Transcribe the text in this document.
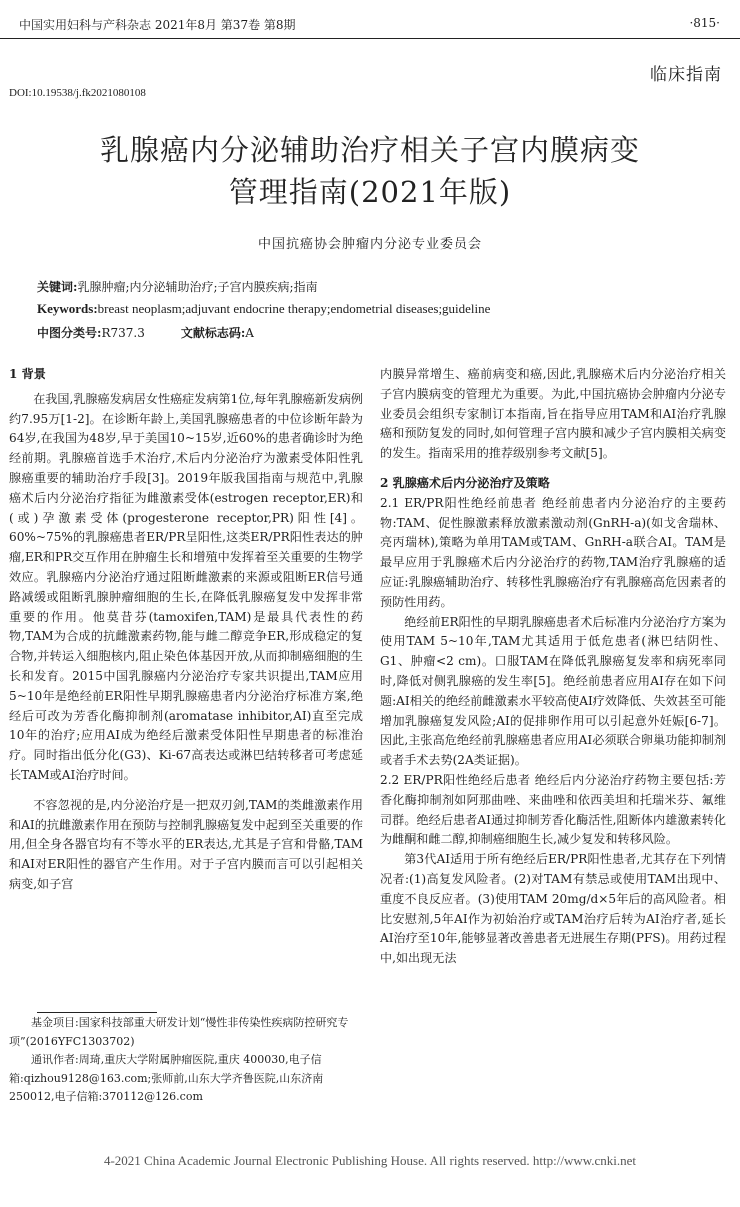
中国实用妇科与产科杂志 2021年8月 第37卷 第8期	·815·
临床指南
DOI:10.19538/j.fk2021080108
乳腺癌内分泌辅助治疗相关子宫内膜病变
管理指南(2021年版)
中国抗癌协会肿瘤内分泌专业委员会
关键词:乳腺肿瘤;内分泌辅助治疗;子宫内膜疾病;指南
Keywords:breast neoplasm;adjuvant endocrine therapy;endometrial diseases;guideline
中图分类号:R737.3	文献标志码:A

1 背景

在我国,乳腺癌发病居女性癌症发病第1位,每年乳腺癌新发病例约7.95万[1-2]。在诊断年龄上,美国乳腺癌患者的中位诊断年龄为64岁,在我国为48岁,早于美国10~15岁,近60%的患者确诊时为绝经前期。乳腺癌首选手术治疗,术后内分泌治疗为激素受体阳性乳腺癌重要的辅助治疗手段[3]。2019年版我国指南与规范中,乳腺癌术后内分泌治疗指征为雌激素受体(estrogen receptor,ER)和(或)孕激素受体(progesterone receptor,PR)阳性[4]。60%~75%的乳腺癌患者ER/PR呈阳性,这类ER/PR阳性表达的肿瘤,ER和PR交互作用在肿瘤生长和增殖中发挥着至关重要的生物学效应。乳腺癌内分泌治疗通过阻断雌激素的来源或阻断ER信号通路减缓或阻断乳腺肿瘤细胞的生长,在降低乳腺癌复发中发挥非常重要的作用。他莫昔芬(tamoxifen,TAM)是最具代表性的药物,TAM为合成的抗雌激素药物,能与雌二醇竞争ER,形成稳定的复合物,并转运入细胞核内,阻止染色体基因开放,从而抑制癌细胞的生长和发育。2015中国乳腺癌内分泌治疗专家共识提出,TAM应用5~10年是绝经前ER阳性早期乳腺癌患者内分泌治疗标准方案,绝经后可改为芳香化酶抑制剂(aromatase inhibitor,AI)直至完成10年的治疗;应用AI成为绝经后激素受体阳性早期患者的标准治疗。同时指出低分化(G3)、Ki-67高表达或淋巴结转移者可考虑延长TAM或AI治疗时间。

不容忽视的是,内分泌治疗是一把双刃剑,TAM的类雌激素作用和AI的抗雌激素作用在预防与控制乳腺癌复发中起到至关重要的作用,但全身各器官均有不等水平的ER表达,尤其是子宫和骨骼,TAM和AI对ER阳性的器官产生作用。对于子宫内膜而言可以引起相关病变,如子宫

基金项目:国家科技部重大研发计划“慢性非传染性疾病防控研究专项”(2016YFC1303702)

通讯作者:周琦,重庆大学附属肿瘤医院,重庆 400030,电子信箱:qizhou9128@163.com;张师前,山东大学齐鲁医院,山东济南 250012,电子信箱:370112@126.com

内膜异常增生、癌前病变和癌,因此,乳腺癌术后内分泌治疗相关子宫内膜病变的管理尤为重要。为此,中国抗癌协会肿瘤内分泌专业委员会组织专家制订本指南,旨在指导应用TAM和AI治疗乳腺癌和预防复发的同时,如何管理子宫内膜和减少子宫内膜相关病变的发生。指南采用的推荐级别参考文献[5]。

2 乳腺癌术后内分泌治疗及策略

2.1 ER/PR阳性绝经前患者 绝经前患者内分泌治疗的主要药物:TAM、促性腺激素释放激素激动剂(GnRH-a)(如戈舍瑞林、亮丙瑞林),策略为单用TAM或TAM、GnRH-a联合AI。TAM是最早应用于乳腺癌术后内分泌治疗的药物,TAM治疗乳腺癌的适应证:乳腺癌辅助治疗、转移性乳腺癌治疗有乳腺癌高危因素者的预防性用药。

绝经前ER阳性的早期乳腺癌患者术后标准内分泌治疗方案为使用TAM 5~10年,TAM尤其适用于低危患者(淋巴结阴性、G1、肿瘤<2 cm)。口服TAM在降低乳腺癌复发率和病死率同时,降低对侧乳腺癌的发生率[5]。绝经前患者应用AI存在如下问题:AI相关的绝经前雌激素水平较高使AI疗效降低、失效甚至可能增加乳腺癌复发风险;AI的促排卵作用可以引起意外妊娠[6-7]。因此,主张高危绝经前乳腺癌患者应用AI必须联合卵巢功能抑制剂或者手术去势(2A类证据)。

2.2 ER/PR阳性绝经后患者 绝经后内分泌治疗药物主要包括:芳香化酶抑制剂如阿那曲唑、来曲唑和依西美坦和托瑞米芬、氟维司群。绝经后患者AI通过抑制芳香化酶活性,阻断体内雄激素转化为雌酮和雌二醇,抑制癌细胞生长,减少复发和转移风险。

第3代AI适用于所有绝经后ER/PR阳性患者,尤其存在下列情况者:(1)高复发风险者。(2)对TAM有禁忌或使用TAM出现中、重度不良反应者。(3)使用TAM 20mg/d×5年后的高风险者。相比安慰剂,5年AI作为初始治疗或TAM治疗后转为AI治疗者,延长AI治疗至10年,能够显著改善患者无进展生存期(PFS)。用药过程中,如出现无法

4-2021 China Academic Journal Electronic Publishing House. All rights reserved. http://www.cnki.net
